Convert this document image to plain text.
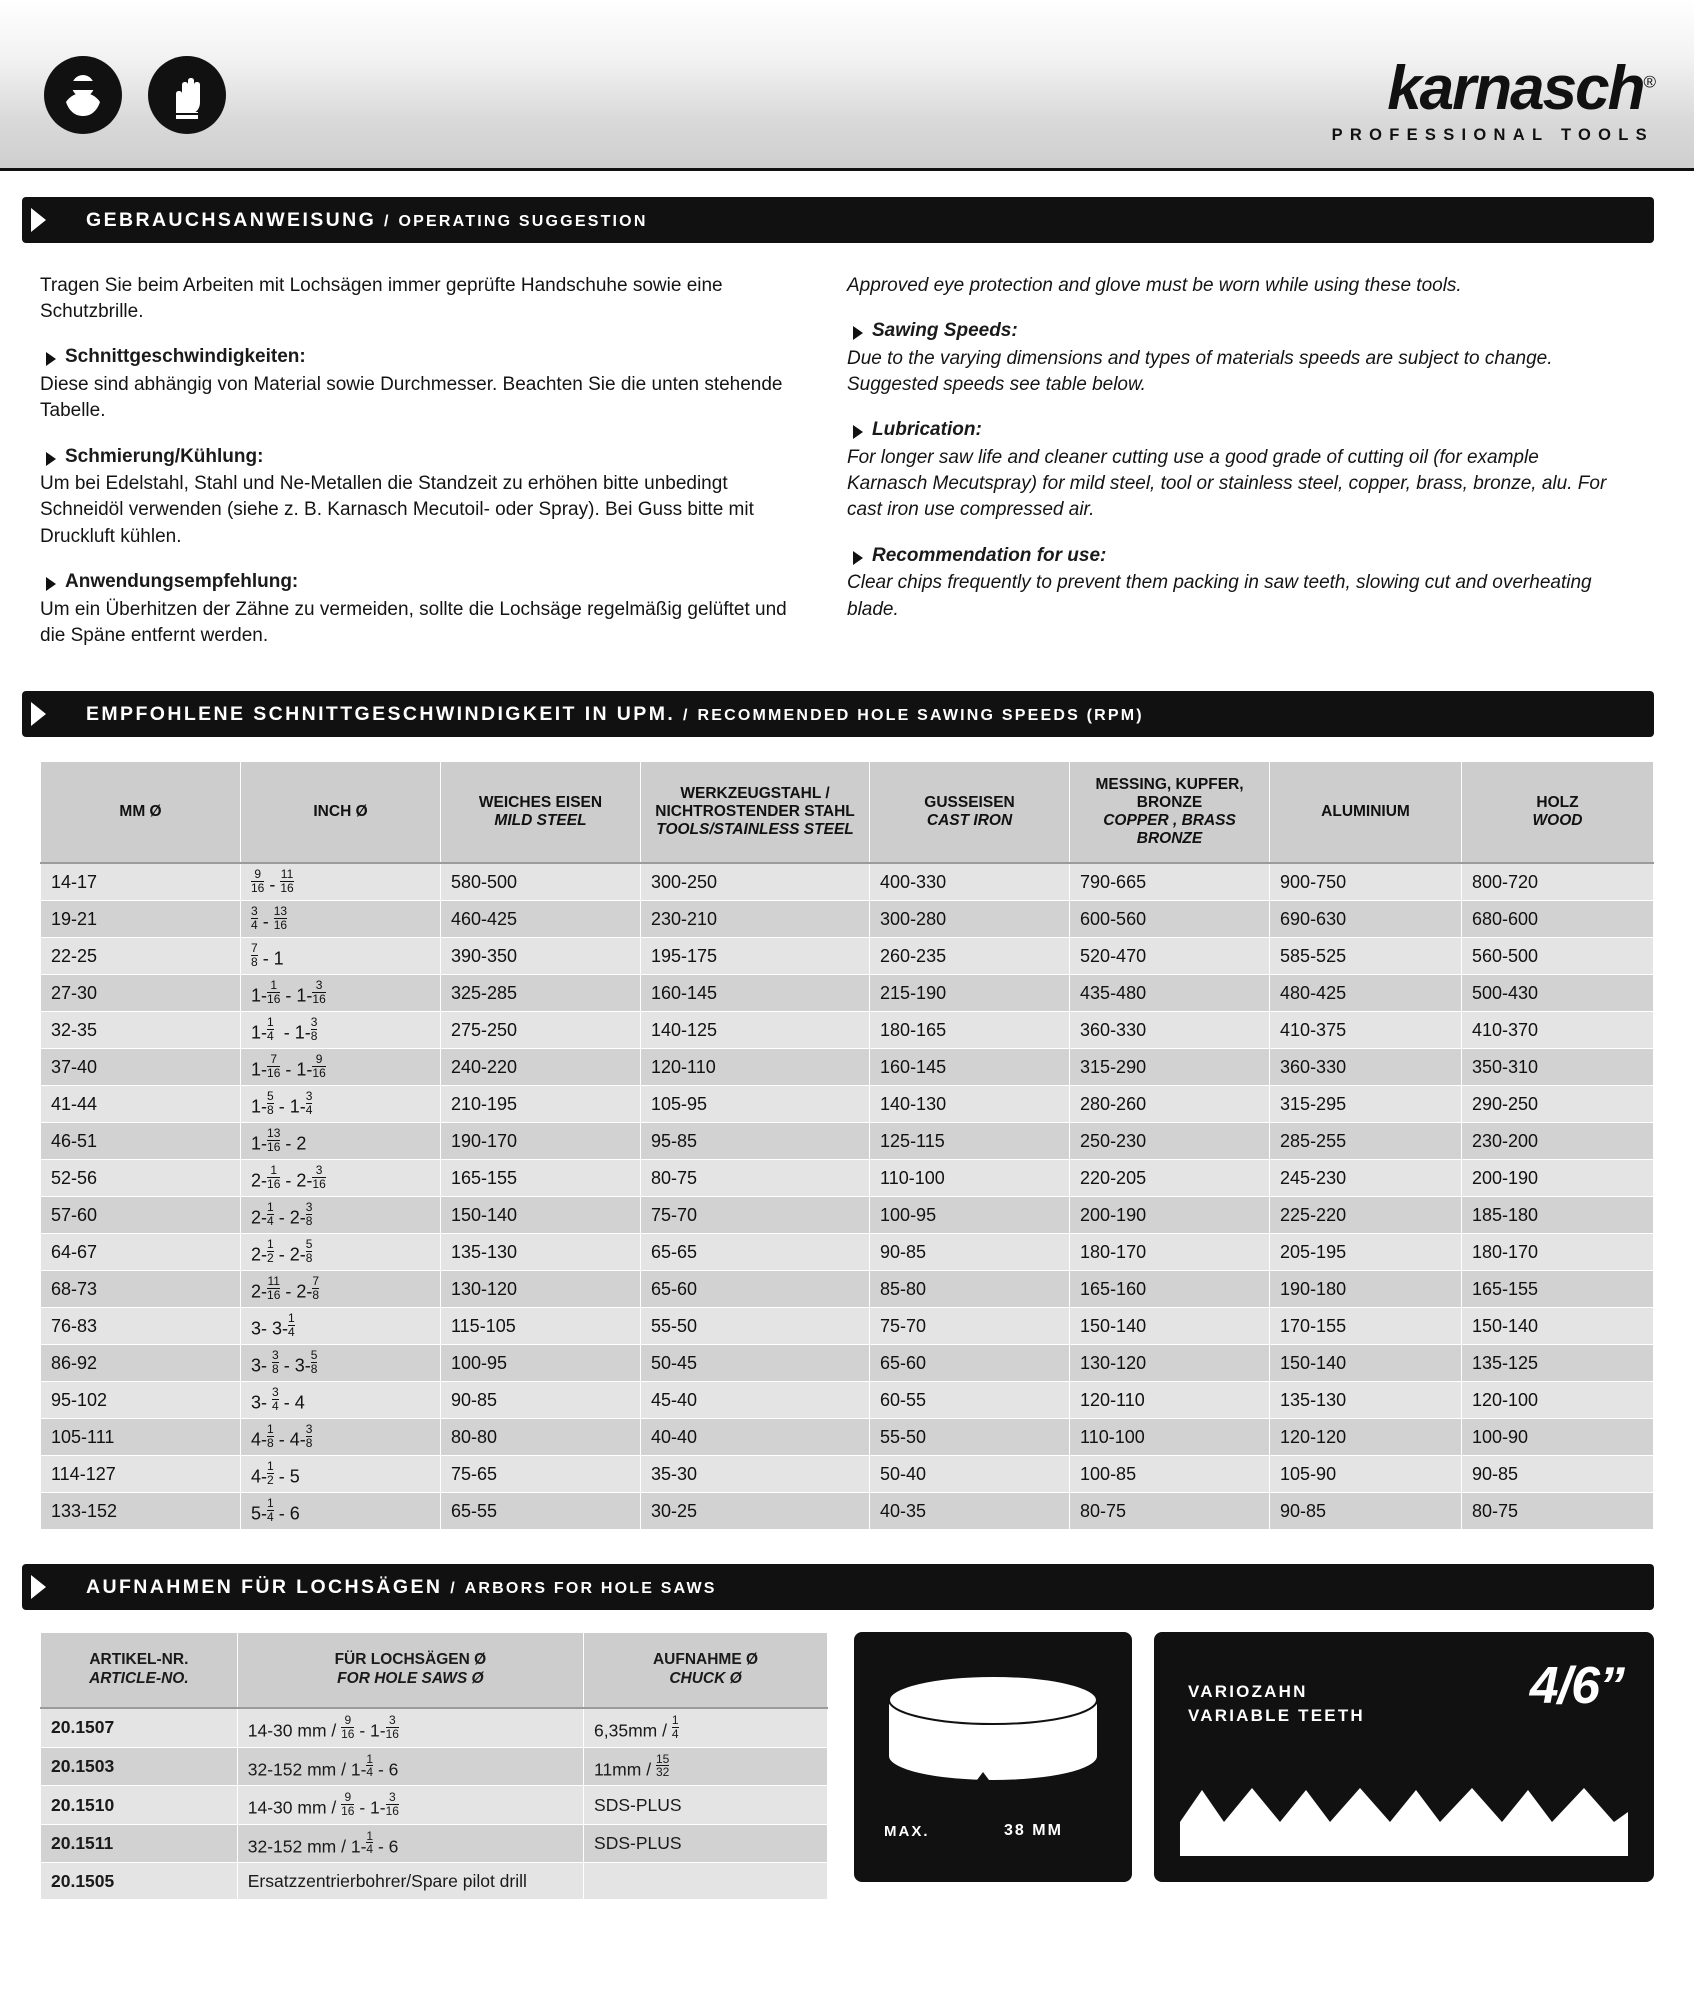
karnasch®
PROFESSIONAL TOOLS
GEBRAUCHSANWEISUNG / OPERATING SUGGESTION

Tragen Sie beim Arbeiten mit Lochsägen immer geprüfte Handschuhe sowie eine Schutzbrille.

Schnittgeschwindigkeiten:

Diese sind abhängig von Material sowie Durchmesser. Beachten Sie die unten stehende Tabelle.

Schmierung/Kühlung:

Um bei Edelstahl, Stahl und Ne-Metallen die Standzeit zu erhöhen bitte unbedingt Schneidöl verwenden (siehe z. B. Karnasch Mecutoil- oder Spray). Bei Guss bitte mit Druckluft kühlen.

Anwendungsempfehlung:

Um ein Überhitzen der Zähne zu vermeiden, sollte die Lochsäge regelmäßig gelüftet und die Späne entfernt werden.

Approved eye protection and glove must be worn while using these tools.

Sawing Speeds:

Due to the varying dimensions and types of materials speeds are subject to change. Suggested speeds see table below.

Lubrication:

For longer saw life and cleaner cutting use a good grade of cutting oil (for example Karnasch Mecutspray) for mild steel, tool or stainless steel, copper, brass, bronze, alu. For cast iron use compressed air.

Recommendation for use:

Clear chips frequently to prevent them packing in saw teeth, slowing cut and overheating blade.

EMPFOHLENE SCHNITTGESCHWINDIGKEIT IN UPM. / RECOMMENDED HOLE SAWING SPEEDS (RPM)
MM Ø	INCH Ø	WEICHES EISEN
MILD STEEL	WERKZEUGSTAHL / NICHTROSTENDER STAHL
TOOLS/STAINLESS STEEL	GUSSEISEN
CAST IRON	MESSING, KUPFER, BRONZE
COPPER , BRASS BRONZE	ALUMINIUM	HOLZ
WOOD

14-17	$\frac{9}{16} - \frac{11}{16}$	580-500	300-250	400-330	790-665	900-750	800-720
19-21	$\frac{3}{4} - \frac{13}{16}$	460-425	230-210	300-280	600-560	690-630	680-600
22-25	$\frac{7}{8} - 1$	390-350	195-175	260-235	520-470	585-525	560-500
27-30	$1- \frac{1}{16} - 1- \frac{3}{16}$	325-285	160-145	215-190	435-480	480-425	500-430
32-35	$1- \frac{1}{4} - 1- \frac{3}{8}$	275-250	140-125	180-165	360-330	410-375	410-370
37-40	$1- \frac{7}{16} - 1- \frac{9}{16}$	240-220	120-110	160-145	315-290	360-330	350-310
41-44	$1- \frac{5}{8} - 1- \frac{3}{4}$	210-195	105-95	140-130	280-260	315-295	290-250
46-51	$1- \frac{13}{16} - 2$	190-170	95-85	125-115	250-230	285-255	230-200
52-56	$2- \frac{1}{16} - 2- \frac{3}{16}$	165-155	80-75	110-100	220-205	245-230	200-190
57-60	$2- \frac{1}{4} - 2- \frac{3}{8}$	150-140	75-70	100-95	200-190	225-220	185-180
64-67	$2- \frac{1}{2} - 2- \frac{5}{8}$	135-130	65-65	90-85	180-170	205-195	180-170
68-73	$2- \frac{11}{16} - 2- \frac{7}{8}$	130-120	65-60	85-80	165-160	190-180	165-155
76-83	3- $3- \frac{1}{4}$	115-105	55-50	75-70	150-140	170-155	150-140
86-92	$3- \frac{3}{8} - 3- \frac{5}{8}$	100-95	50-45	65-60	130-120	150-140	135-125
95-102	$3- \frac{3}{4} - 4$	90-85	45-40	60-55	120-110	135-130	120-100
105-111	$4- \frac{1}{8} - 4- \frac{3}{8}$	80-80	40-40	55-50	110-100	120-120	100-90
114-127	$4- \frac{1}{2} - 5$	75-65	35-30	50-40	100-85	105-90	90-85
133-152	$5- \frac{1}{4} - 6$	65-55	30-25	40-35	80-75	90-85	80-75
AUFNAHMEN FÜR LOCHSÄGEN / ARBORS FOR HOLE SAWS
ARTIKEL-NR.
ARTICLE-NO.	FÜR LOCHSÄGEN Ø
FOR HOLE SAWS Ø	AUFNAHME Ø
CHUCK Ø

20.1507	14-30 mm / $\frac{9}{16} - 1- \frac{3}{16}$	$6,35mm / \frac{1}{4}$

20.1503	32-152 mm / $1- \frac{1}{4} - 6$	$11mm / \frac{15}{32}$

20.1510	14-30 mm / $\frac{9}{16} - 1- \frac{3}{16}$	SDS-PLUS
20.1511	32-152 mm / $1- \frac{1}{4} - 6$	SDS-PLUS
20.1505	Ersatzzentrierbohrer/Spare pilot drill	
MAX.	38 MM
VARIOZAHN
VARIABLE TEETH
4/6”
